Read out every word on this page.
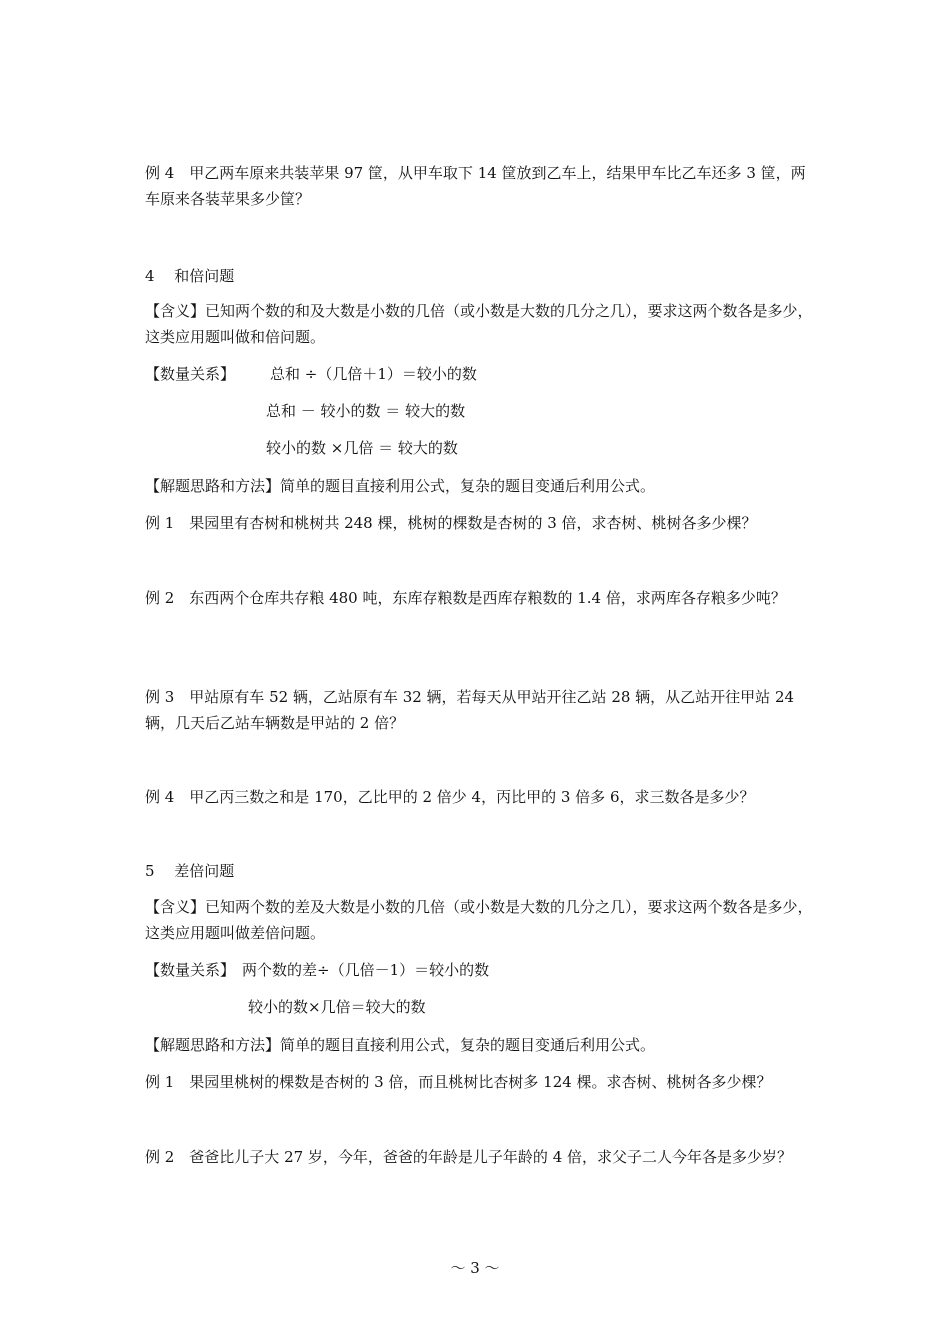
例 4　甲乙两车原来共装苹果 97 筐，从甲车取下 14 筐放到乙车上，结果甲车比乙车还多 3 筐，两车原来各装苹果多少筐？
4　 和倍问题
【含义】已知两个数的和及大数是小数的几倍（或小数是大数的几分之几），要求这两个数各是多少，这类应用题叫做和倍问题。
【数量关系】 总和 ÷（几倍＋1）＝较小的数
总和 － 较小的数 ＝ 较大的数
较小的数 ×几倍 ＝ 较大的数
【解题思路和方法】简单的题目直接利用公式，复杂的题目变通后利用公式。
例 1　果园里有杏树和桃树共 248 棵，桃树的棵数是杏树的 3 倍，求杏树、桃树各多少棵？
例 2　东西两个仓库共存粮 480 吨，东库存粮数是西库存粮数的 1.4 倍，求两库各存粮多少吨？
例 3　甲站原有车 52 辆，乙站原有车 32 辆，若每天从甲站开往乙站 28 辆，从乙站开往甲站 24 辆，几天后乙站车辆数是甲站的 2 倍？
例 4　甲乙丙三数之和是 170，乙比甲的 2 倍少 4，丙比甲的 3 倍多 6，求三数各是多少？
5　 差倍问题
【含义】已知两个数的差及大数是小数的几倍（或小数是大数的几分之几），要求这两个数各是多少，这类应用题叫做差倍问题。
【数量关系】 两个数的差÷（几倍－1）＝较小的数
较小的数×几倍＝较大的数
【解题思路和方法】简单的题目直接利用公式，复杂的题目变通后利用公式。
例 1　果园里桃树的棵数是杏树的 3 倍，而且桃树比杏树多 124 棵。求杏树、桃树各多少棵？
例 2　爸爸比儿子大 27 岁，今年，爸爸的年龄是儿子年龄的 4 倍，求父子二人今年各是多少岁？
～ 3 ～
